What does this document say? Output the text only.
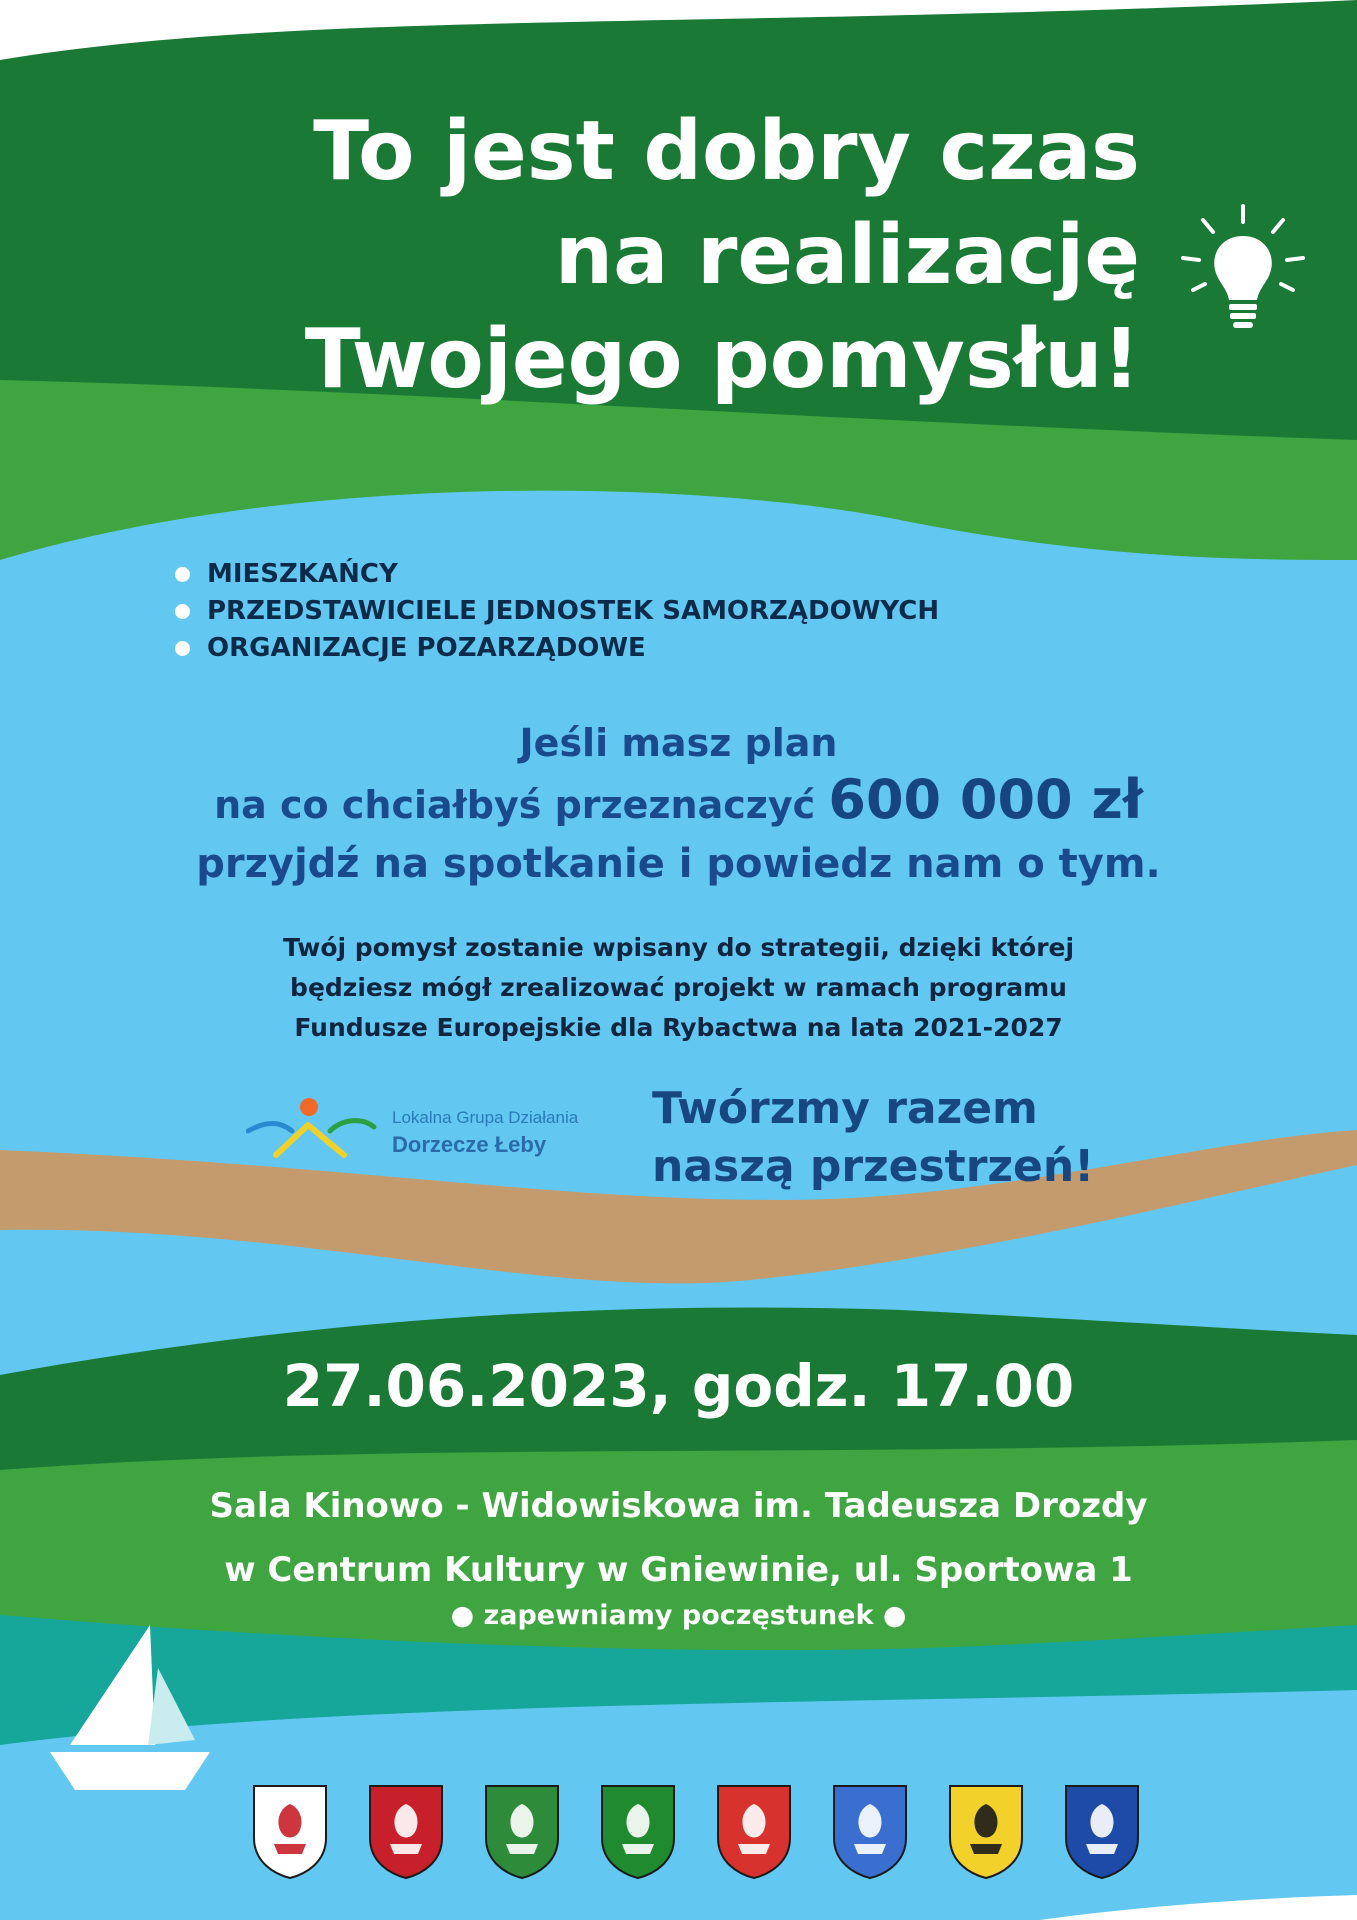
To jest dobry czas
na realizację
Twojego pomysłu!
MIESZKAŃCY
PRZEDSTAWICIELE JEDNOSTEK SAMORZĄDOWYCH
ORGANIZACJE POZARZĄDOWE
Jeśli masz plan
na co chciałbyś przeznaczyć 600 000 zł
przyjdź na spotkanie i powiedz nam o tym.
Twój pomysł zostanie wpisany do strategii, dzięki której
będziesz mógł zrealizować projekt w ramach programu
Fundusze Europejskie dla Rybactwa na lata 2021-2027
Lokalna Grupa Działania
Dorzecze Łeby
Twórzmy razem
naszą przestrzeń!
27.06.2023, godz. 17.00
Sala Kinowo - Widowiskowa im. Tadeusza Drozdy
w Centrum Kultury w Gniewinie, ul. Sportowa 1
● zapewniamy poczęstunek ●
